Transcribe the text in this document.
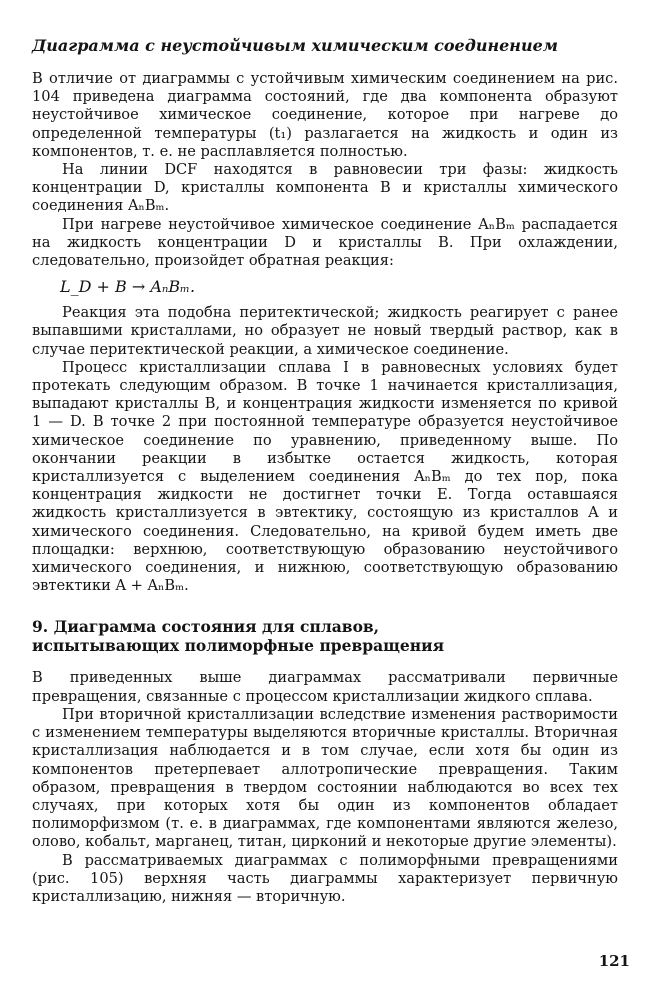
Диаграмма с неустойчивым химическим соединением

В отличие от диаграммы с устойчивым химическим соединением на рис. 104 приведена диаграмма состояний, где два компонента образуют неустойчивое химическое соединение, которое при нагреве до определенной температуры (t₁) разлагается на жидкость и один из компонентов, т. е. не расплавляется полностью.

На линии DCF находятся в равновесии три фазы: жидкость концентрации D, кристаллы компонента B и кристаллы химического соединения AₙBₘ.

При нагреве неустойчивое химическое соединение AₙBₘ распадается на жидкость концентрации D и кристаллы B. При охлаждении, следовательно, произойдет обратная реакция:

L_D + B → AₙBₘ.

Реакция эта подобна перитектической; жидкость реагирует с ранее выпавшими кристаллами, но образует не новый твердый раствор, как в случае перитектической реакции, а химическое соединение.

Процесс кристаллизации сплава I в равновесных условиях будет протекать следующим образом. В точке 1 начинается кристаллизация, выпадают кристаллы B, и концентрация жидкости изменяется по кривой 1 — D. В точке 2 при постоянной температуре образуется неустойчивое химическое соединение по уравнению, приведенному выше. По окончании реакции в избытке остается жидкость, которая кристаллизуется с выделением соединения AₙBₘ до тех пор, пока концентрация жидкости не достигнет точки E. Тогда оставшаяся жидкость кристаллизуется в эвтектику, состоящую из кристаллов A и химического соединения. Следовательно, на кривой будем иметь две площадки: верхнюю, соответствующую образованию неустойчивого химического соединения, и нижнюю, соответствующую образованию эвтектики A + AₙBₘ.

9. Диаграмма состояния для сплавов,
испытывающих полиморфные превращения

В приведенных выше диаграммах рассматривали первичные превращения, связанные с процессом кристаллизации жидкого сплава.

При вторичной кристаллизации вследствие изменения растворимости с изменением температуры выделяются вторичные кристаллы. Вторичная кристаллизация наблюдается и в том случае, если хотя бы один из компонентов претерпевает аллотропические превращения. Таким образом, превращения в твердом состоянии наблюдаются во всех тех случаях, при которых хотя бы один из компонентов обладает полиморфизмом (т. е. в диаграммах, где компонентами являются железо, олово, кобальт, марганец, титан, цирконий и некоторые другие элементы).

В рассматриваемых диаграммах с полиморфными превращениями (рис. 105) верхняя часть диаграммы характеризует первичную кристаллизацию, нижняя — вторичную.

121
